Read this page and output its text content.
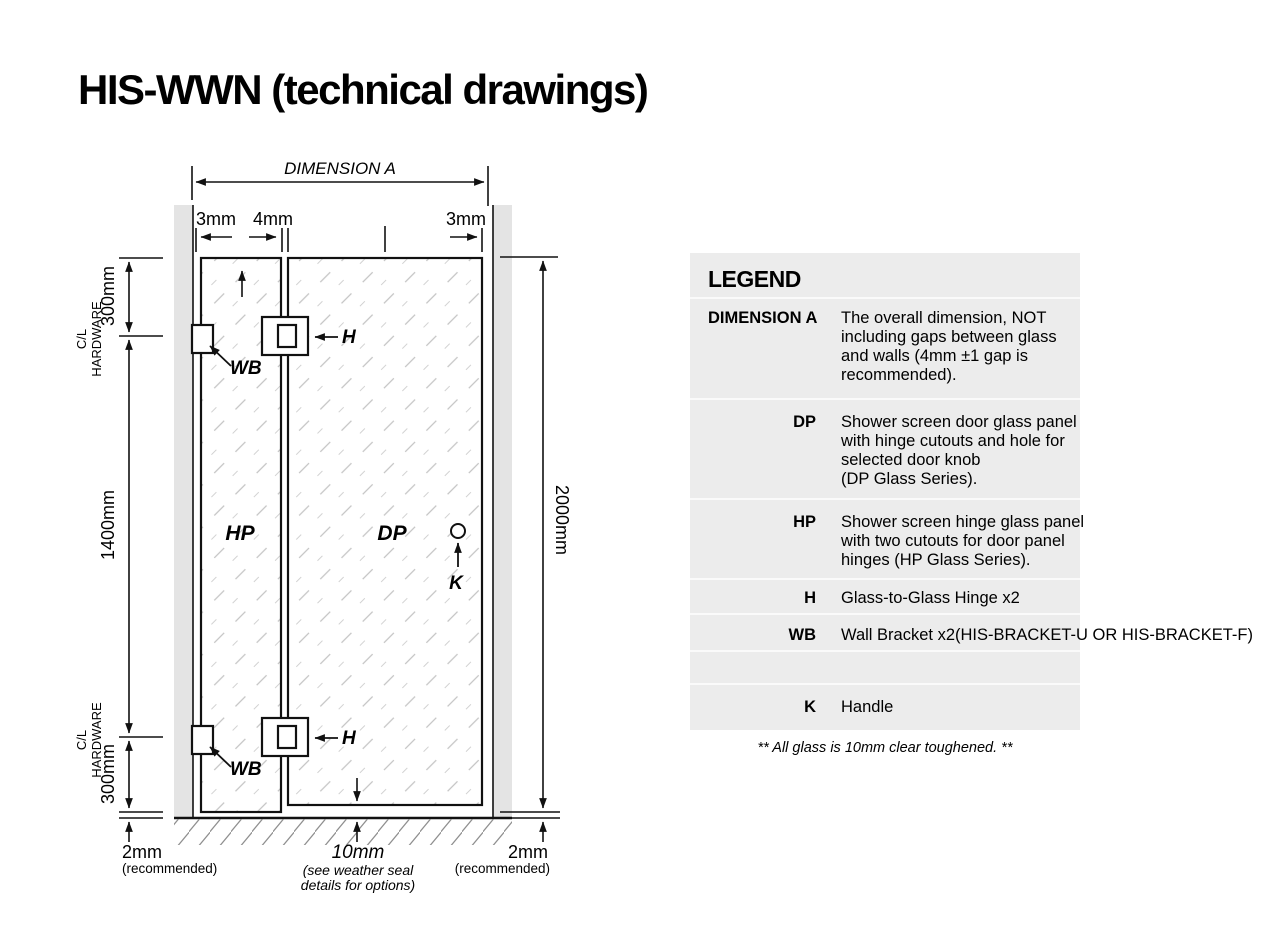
HIS-WWN (technical drawings)
HP	DP
H
H
WB
WB
K
DIMENSION A
3mm 4mm	3mm
300mm
C/L HARDWARE
1400mm
C/L HARDWARE
300mm
2mm
(recommended)
2000mm
2mm
(recommended)
10mm
(see weather seal
details for options)
LEGEND
DIMENSION A The overall dimension, NOT
including gaps between glass
and walls (4mm ±1 gap is
recommended).
DP Shower screen door glass panel
with hinge cutouts and hole for
selected door knob
(DP Glass Series).
HP Shower screen hinge glass panel
with two cutouts for door panel
hinges (HP Glass Series).
H Glass-to-Glass Hinge x2
WB Wall Bracket x2(HIS-BRACKET-U OR HIS-BRACKET-F)
K Handle
** All glass is 10mm clear toughened. **
